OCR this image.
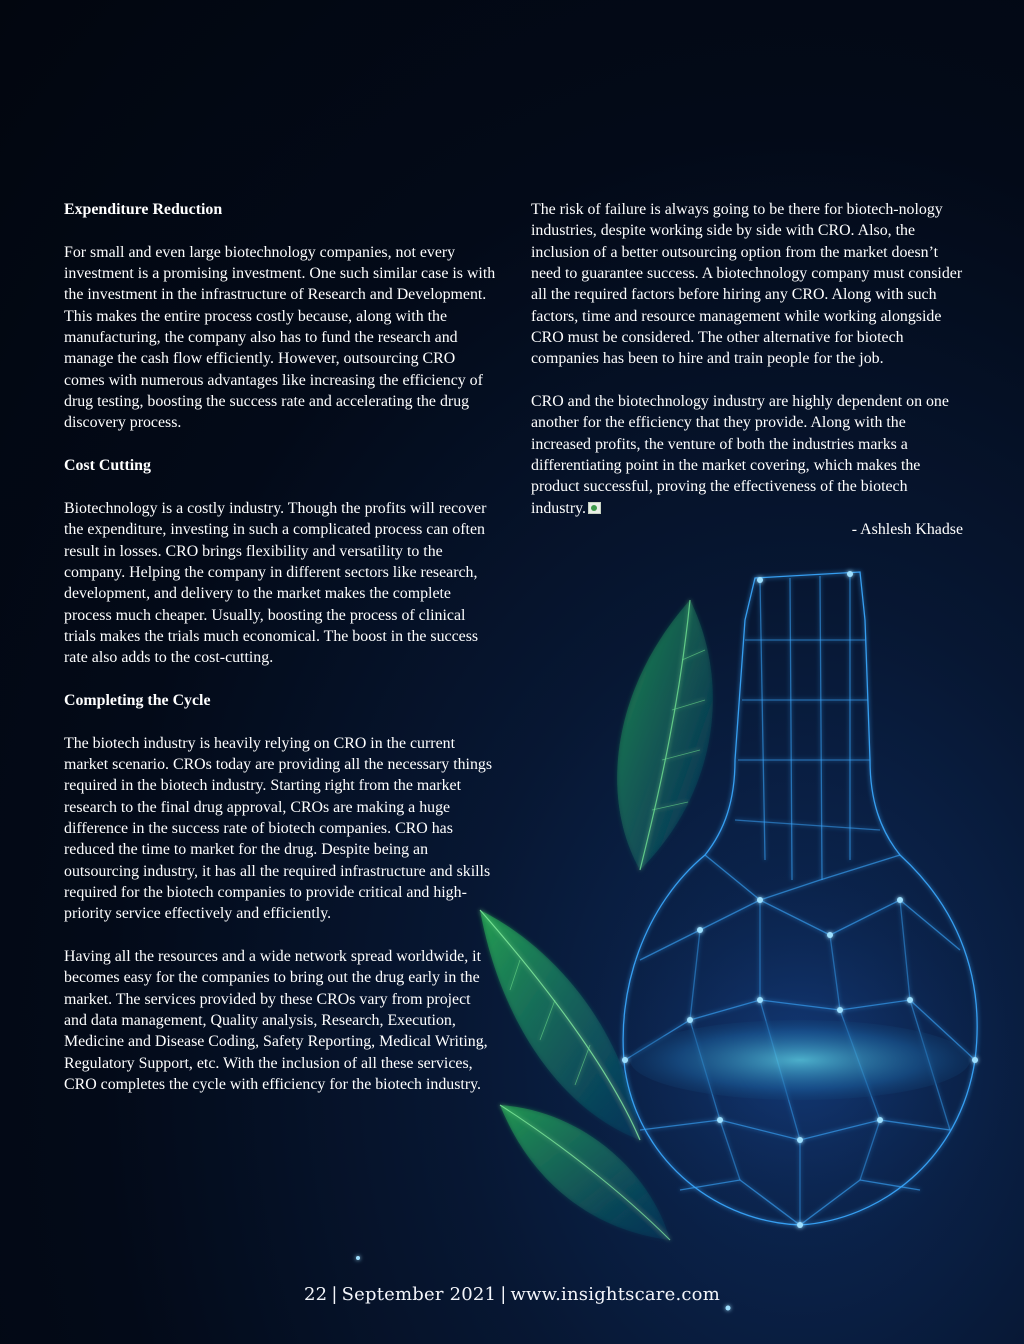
Expenditure Reduction

For small and even large biotechnology companies, not every investment is a promising investment. One such similar case is with the investment in the infrastructure of Research and Development. This makes the entire process costly because, along with the manufacturing, the company also has to fund the research and manage the cash flow efficiently. However, outsourcing CRO comes with numerous advantages like increasing the efficiency of drug testing, boosting the success rate and accelerating the drug discovery process.

Cost Cutting

Biotechnology is a costly industry. Though the profits will recover the expenditure, investing in such a complicated process can often result in losses. CRO brings flexibility and versatility to the company. Helping the company in different sectors like research, development, and delivery to the market makes the complete process much cheaper. Usually, boosting the process of clinical trials makes the trials much economical. The boost in the success rate also adds to the cost-cutting.

Completing the Cycle

The biotech industry is heavily relying on CRO in the current market scenario. CROs today are providing all the necessary things required in the biotech industry. Starting right from the market research to the final drug approval, CROs are making a huge difference in the success rate of biotech companies. CRO has reduced the time to market for the drug. Despite being an outsourcing industry, it has all the required infrastructure and skills required for the biotech companies to provide critical and high-priority service effectively and efficiently.

Having all the resources and a wide network spread worldwide, it becomes easy for the companies to bring out the drug early in the market. The services provided by these CROs vary from project and data management, Quality analysis, Research, Execution, Medicine and Disease Coding, Safety Reporting, Medical Writing, Regulatory Support, etc. With the inclusion of all these services, CRO completes the cycle with efficiency for the biotech industry.

The risk of failure is always going to be there for biotech-nology industries, despite working side by side with CRO. Also, the inclusion of a better outsourcing option from the market doesn’t need to guarantee success. A biotechnology company must consider all the required factors before hiring any CRO. Along with such factors, time and resource management while working alongside CRO must be considered. The other alternative for biotech companies has been to hire and train people for the job.

CRO and the biotechnology industry are highly dependent on one another for the efficiency that they provide. Along with the increased profits, the venture of both the industries marks a differentiating point in the market covering, which makes the product successful, proving the effectiveness of the biotech industry.

- Ashlesh Khadse

22 | September 2021 | www.insightscare.com
